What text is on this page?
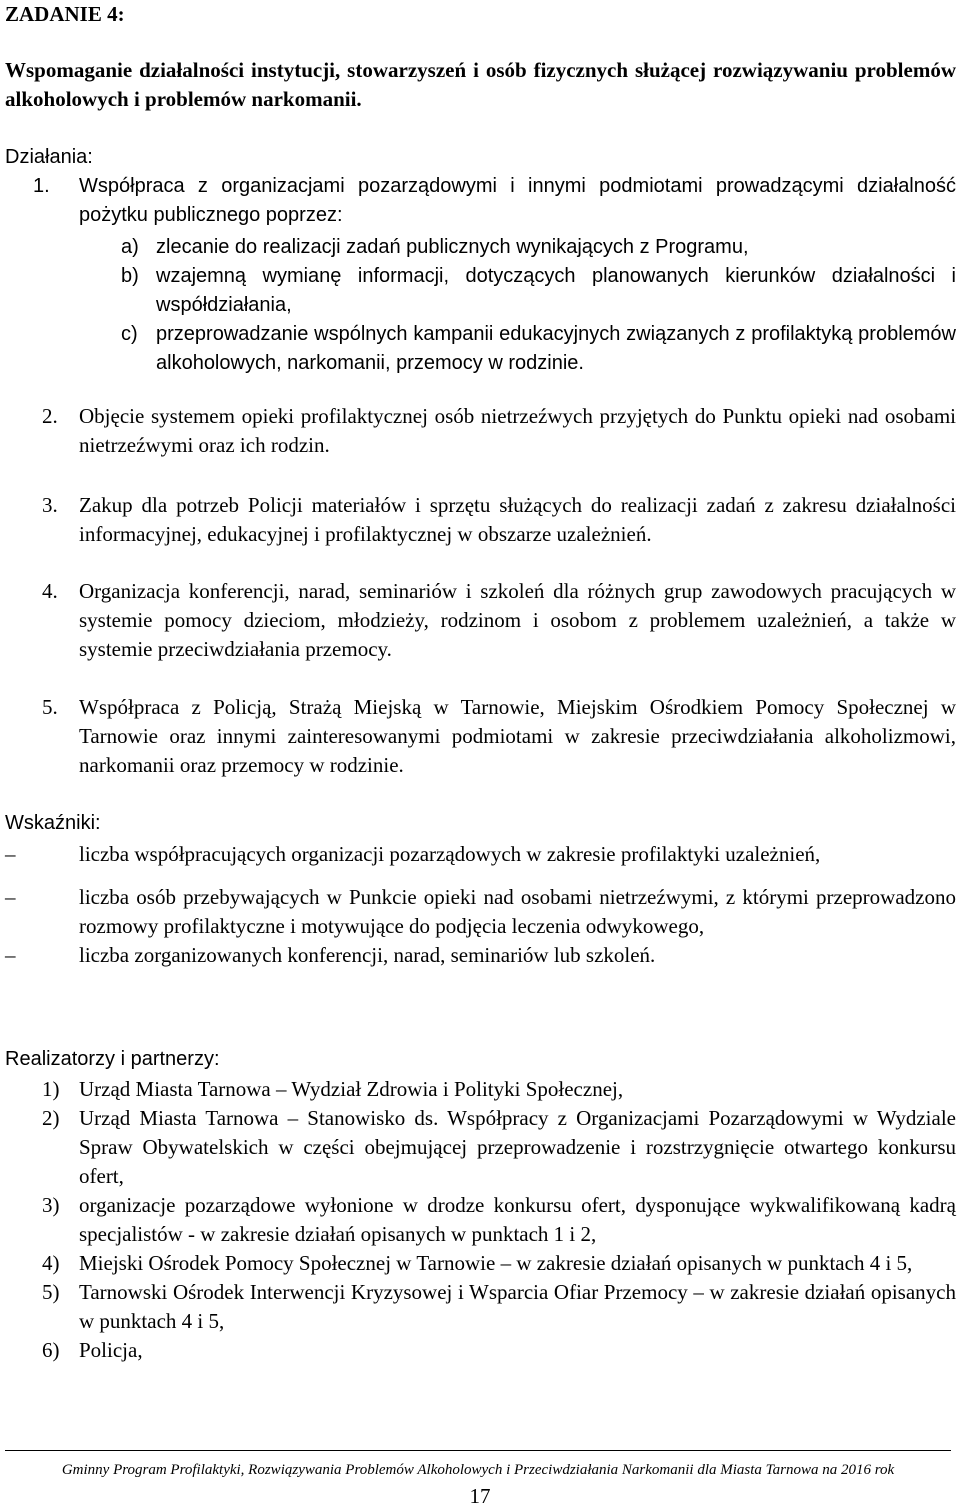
ZADANIE 4:
Wspomaganie działalności instytucji, stowarzyszeń i osób fizycznych służącej rozwiązywaniu problemów alkoholowych i problemów narkomanii.
Działania:
1. Współpraca z organizacjami pozarządowymi i innymi podmiotami prowadzącymi działalność pożytku publicznego poprzez:
a) zlecanie do realizacji zadań publicznych wynikających z Programu,
b) wzajemną wymianę informacji, dotyczących planowanych kierunków działalności i współdziałania,
c) przeprowadzanie wspólnych kampanii edukacyjnych związanych z profilaktyką problemów alkoholowych, narkomanii, przemocy w rodzinie.
2. Objęcie systemem opieki profilaktycznej osób nietrzeźwych przyjętych do Punktu opieki nad osobami nietrzeźwymi oraz ich rodzin.
3. Zakup dla potrzeb Policji materiałów i sprzętu służących do realizacji zadań z zakresu działalności informacyjnej, edukacyjnej i profilaktycznej w obszarze uzależnień.
4. Organizacja konferencji, narad, seminariów i szkoleń dla różnych grup zawodowych pracujących w systemie pomocy dzieciom, młodzieży, rodzinom i osobom z problemem uzależnień, a także w systemie przeciwdziałania przemocy.
5. Współpraca z Policją, Strażą Miejską w Tarnowie, Miejskim Ośrodkiem Pomocy Społecznej w Tarnowie oraz innymi zainteresowanymi podmiotami w zakresie przeciwdziałania alkoholizmowi, narkomanii oraz przemocy w rodzinie.
Wskaźniki:
–	liczba współpracujących organizacji pozarządowych w zakresie profilaktyki uzależnień,
–	liczba osób przebywających w Punkcie opieki nad osobami nietrzeźwymi, z którymi przeprowadzono rozmowy profilaktyczne i motywujące do podjęcia leczenia odwykowego,
–	liczba zorganizowanych konferencji, narad, seminariów lub szkoleń.
Realizatorzy i partnerzy:
1) Urząd Miasta Tarnowa – Wydział Zdrowia i Polityki Społecznej,
2) Urząd Miasta Tarnowa – Stanowisko ds. Współpracy z Organizacjami Pozarządowymi w Wydziale Spraw Obywatelskich w części obejmującej przeprowadzenie i rozstrzygnięcie otwartego konkursu ofert,
3) organizacje pozarządowe wyłonione w drodze konkursu ofert, dysponujące wykwalifikowaną kadrą specjalistów - w zakresie działań opisanych w punktach 1 i 2,
4) Miejski Ośrodek Pomocy Społecznej w Tarnowie – w zakresie działań opisanych w punktach 4 i 5,
5) Tarnowski Ośrodek Interwencji Kryzysowej i Wsparcia Ofiar Przemocy – w zakresie działań opisanych w punktach 4 i 5,
6) Policja,
Gminny Program Profilaktyki, Rozwiązywania Problemów Alkoholowych i Przeciwdziałania Narkomanii dla Miasta Tarnowa na 2016 rok
17
